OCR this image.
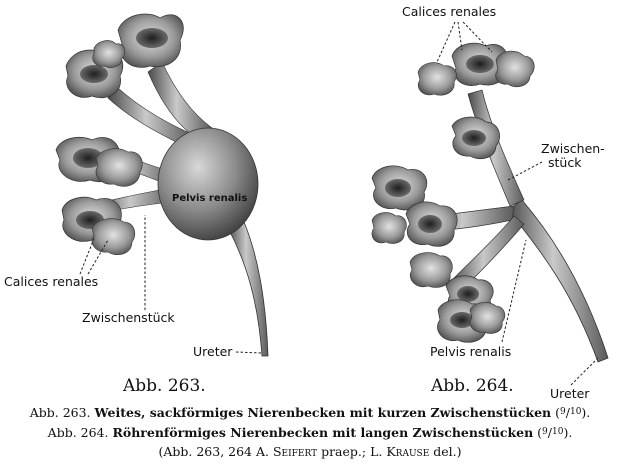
Pelvis renalis
Calices renales
Zwischenstück
Ureter
Calices renales
Zwischen-
stück
Pelvis renalis
Ureter
Abb. 263.	Abb. 264.
Abb. 263. Weites, sackförmiges Nierenbecken mit kurzen Zwischenstücken ($^9$/$^{10}$).
Abb. 264. Röhrenförmiges Nierenbecken mit langen Zwischenstücken ($^9$/$^{10}$).
(Abb. 263, 264 A. Seifert praep.; L. Krause del.)
